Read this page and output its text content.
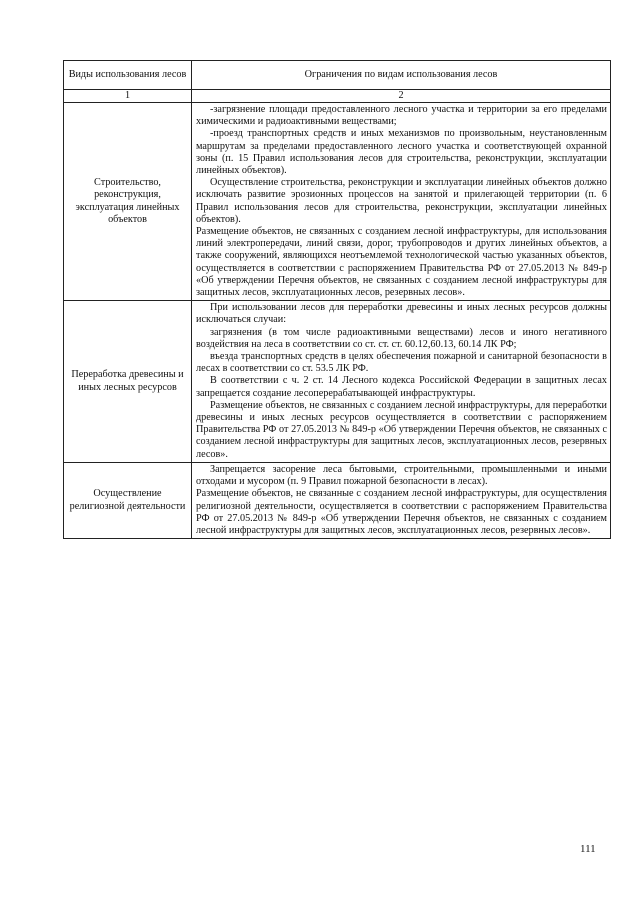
Виды использования лесов	Ограничения по видам использования лесов
1	2
Строительство, реконструкция, эксплуатация линейных объектов	-загрязнение площади предоставленного лесного участка и территории за его пределами химическими и радиоактивными веществами;

-проезд транспортных средств и иных механизмов по произвольным, неустановленным маршрутам за пределами предоставленного лесного участка и соответствующей охранной зоны (п. 15 Правил использования лесов для строительства, реконструкции, эксплуатации линейных объектов).

Осуществление строительства, реконструкции и эксплуатации линейных объектов должно исключать развитие эрозионных процессов на занятой и прилегающей территории (п. 6 Правил использования лесов для строительства, реконструкции, эксплуатации линейных объектов).

Размещение объектов, не связанных с созданием лесной инфраструктуры, для использования линий электропередачи, линий связи, дорог, трубопроводов и других линейных объектов, а также сооружений, являющихся неотъемлемой технологической частью указанных объектов, осуществляется в соответствии с распоряжением Правительства РФ от 27.05.2013 № 849-р «Об утверждении Перечня объектов, не связанных с созданием лесной инфраструктуры для защитных лесов, эксплуатационных лесов, резервных лесов».

Переработка древесины и иных лесных ресурсов	При использовании лесов для переработки древесины и иных лесных ресурсов должны исключаться случаи:

загрязнения (в том числе радиоактивными веществами) лесов и иного негативного воздействия на леса в соответствии со ст. ст. ст. 60.12,60.13, 60.14 ЛК РФ;

въезда транспортных средств в целях обеспечения пожарной и санитарной безопасности в лесах в соответствии со ст. 53.5 ЛК РФ.

В соответствии с ч. 2 ст. 14 Лесного кодекса Российской Федерации в защитных лесах запрещается создание лесоперерабатывающей инфраструктуры.

Размещение объектов, не связанных с созданием лесной инфраструктуры, для переработки древесины и иных лесных ресурсов осуществляется в соответствии с распоряжением Правительства РФ от 27.05.2013 № 849-р «Об утверждении Перечня объектов, не связанных с созданием лесной инфраструктуры для защитных лесов, эксплуатационных лесов, резервных лесов».

Осуществление религиозной деятельности	Запрещается засорение леса бытовыми, строительными, промышленными и иными отходами и мусором (п. 9 Правил пожарной безопасности в лесах).

Размещение объектов, не связанные с созданием лесной инфраструктуры, для осуществления религиозной деятельности, осуществляется в соответствии с распоряжением Правительства РФ от 27.05.2013 № 849-р «Об утверждении Перечня объектов, не связанных с созданием лесной инфраструктуры для защитных лесов, эксплуатационных лесов, резервных лесов».

111
